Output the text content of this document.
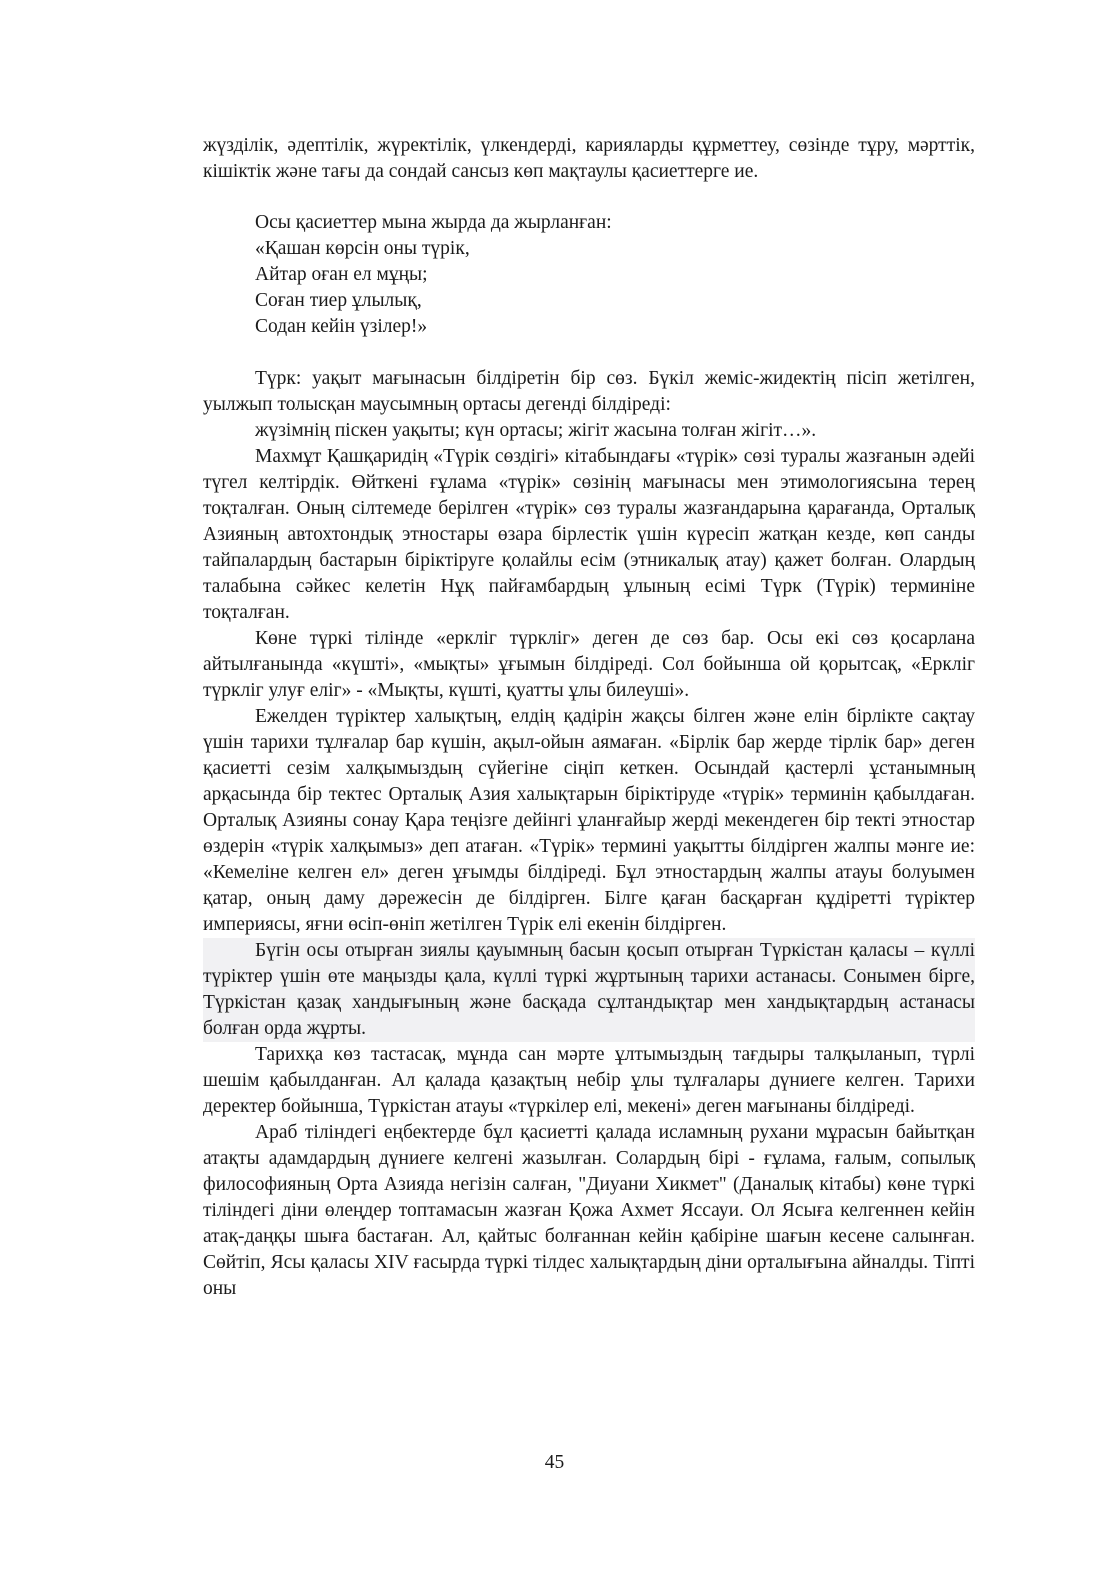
жүзділік, әдептілік, жүректілік, үлкендерді, карияларды құрметтеу, сөзінде тұру, мәрттік, кішіктік және тағы да сондай сансыз көп мақтаулы қасиеттерге ие.

Осы қасиеттер мына жырда да жырланған:
«Қашан көрсін оны түрік,
Айтар оған ел мұңы;
Соған тиер ұлылық,
Содан кейін үзілер!»

Түрк: уақыт мағынасын білдіретін бір сөз. Бүкіл жеміс-жидектің пісіп жетілген, уылжып толысқан маусымның ортасы дегенді білдіреді:

жүзімнің піскен уақыты; күн ортасы; жігіт жасына толған жігіт…».

Махмұт Қашқаридің «Түрік сөздігі» кітабындағы «түрік» сөзі туралы жазғанын әдейі түгел келтірдік. Өйткені ғұлама «түрік» сөзінің мағынасы мен этимологиясына терең тоқталған. Оның сілтемеде берілген «түрік» сөз туралы жазғандарына қарағанда, Орталық Азияның автохтондық этностары өзара бірлестік үшін күресіп жатқан кезде, көп санды тайпалардың бастарын біріктіруге қолайлы есім (этникалық атау) қажет болған. Олардың талабына сәйкес келетін Нұқ пайғамбардың ұлының есімі Түрк (Түрік) терминіне тоқталған.

Көне түркі тілінде «еркліг түркліг» деген де сөз бар. Осы екі сөз қосарлана айтылғанында «күшті», «мықты» ұғымын білдіреді. Сол бойынша ой қорытсақ, «Еркліг түркліг улуғ еліг» - «Мықты, күшті, қуатты ұлы билеуші».

Ежелден түріктер халықтың, елдің қадірін жақсы білген және елін бірлікте сақтау үшін тарихи тұлғалар бар күшін, ақыл-ойын аямаған. «Бірлік бар жерде тірлік бар» деген қасиетті сезім халқымыздың сүйегіне сіңіп кеткен. Осындай қастерлі ұстанымның арқасында бір тектес Орталық Азия халықтарын біріктіруде «түрік» терминін қабылдаған. Орталық Азияны сонау Қара теңізге дейінгі ұланғайыр жерді мекендеген бір текті этностар өздерін «түрік халқымыз» деп атаған. «Түрік» термині уақытты білдірген жалпы мәнге ие: «Кемеліне келген ел» деген ұғымды білдіреді. Бұл этностардың жалпы атауы болуымен қатар, оның даму дәрежесін де білдірген. Білге қаған басқарған құдіретті түріктер империясы, яғни өсіп-өніп жетілген Түрік елі екенін білдірген.

Бүгін осы отырған зиялы қауымның басын қосып отырған Түркістан қаласы – күллі түріктер үшін өте маңызды қала, күллі түркі жұртының тарихи астанасы. Сонымен бірге, Түркістан қазақ хандығының және басқада сұлтандықтар мен хандықтардың астанасы болған орда жұрты.

Тарихқа көз тастасақ, мұнда сан мәрте ұлтымыздың тағдыры талқыланып, түрлі шешім қабылданған. Ал қалада қазақтың небір ұлы тұлғалары дүниеге келген. Тарихи деректер бойынша, Түркістан атауы «түркілер елі, мекені» деген мағынаны білдіреді.

Араб тіліндегі еңбектерде бұл қасиетті қалада исламның рухани мұрасын байытқан атақты адамдардың дүниеге келгені жазылған. Солардың бірі - ғұлама, ғалым, сопылық философияның Орта Азияда негізін салған, "Диуани Хикмет" (Даналық кітабы) көне түркі тіліндегі діни өлеңдер топтамасын жазған Қожа Ахмет Яссауи. Ол Ясыға келгеннен кейін атақ-даңқы шыға бастаған. Ал, қайтыс болғаннан кейін қабіріне шағын кесене салынған. Сөйтіп, Ясы қаласы XIV ғасырда түркі тілдес халықтардың діни орталығына айналды. Тіпті оны

45
